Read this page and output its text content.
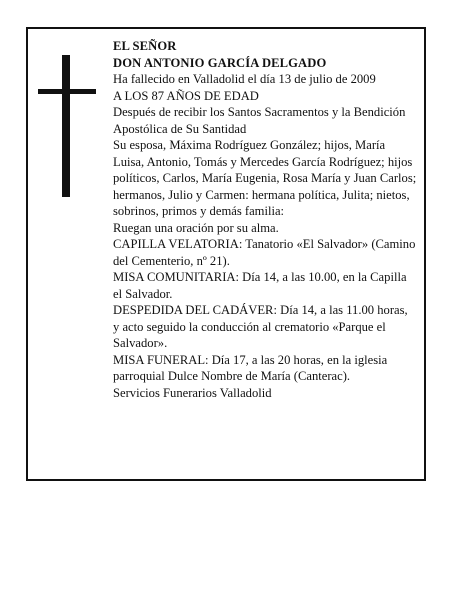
EL SEÑOR

DON ANTONIO GARCÍA DELGADO

Ha fallecido en Valladolid el día 13 de julio de 2009

A LOS 87 AÑOS DE EDAD

Después de recibir los Santos Sacramentos y la Bendición Apostólica de Su Santidad

Su esposa, Máxima Rodríguez González; hijos, María Luisa, Antonio, Tomás y Mercedes García Rodríguez; hijos políticos, Carlos, María Eugenia, Rosa María y Juan Carlos; hermanos, Julio y Carmen: hermana política, Julita; nietos, sobrinos, primos y demás familia:

Ruegan una oración por su alma.

CAPILLA VELATORIA: Tanatorio «El Salvador» (Camino del Cementerio, nº 21).

MISA COMUNITARIA: Día 14, a las 10.00, en la Capilla el Salvador.

DESPEDIDA DEL CADÁVER: Día 14, a las 11.00 horas, y acto seguido la conducción al crematorio «Parque el Salvador».

MISA FUNERAL: Día 17, a las 20 horas, en la iglesia parroquial Dulce Nombre de María (Canterac).

Servicios Funerarios Valladolid
